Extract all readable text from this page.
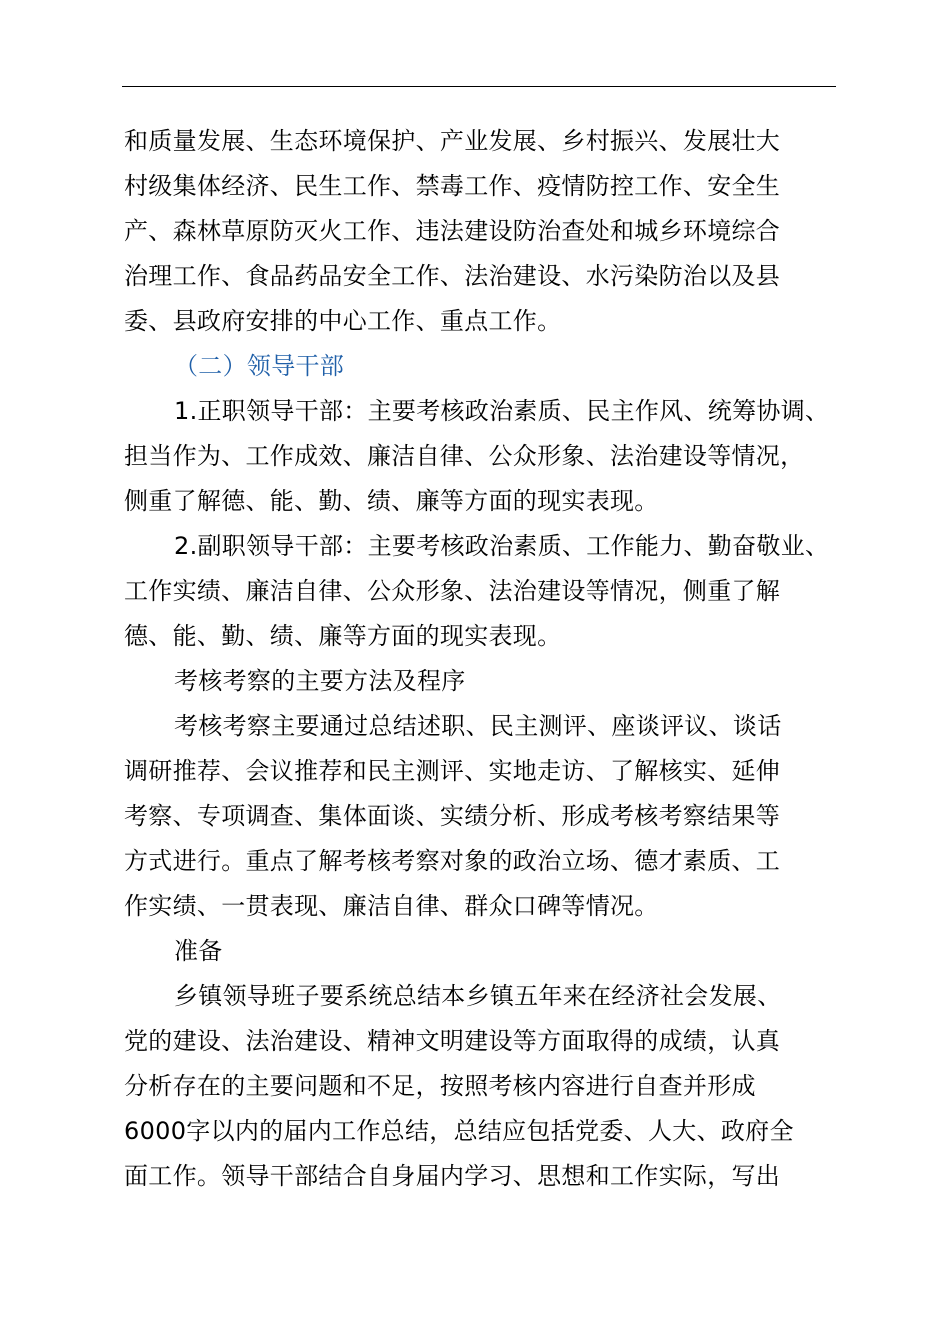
和质量发展、生态环境保护、产业发展、乡村振兴、发展壮大
村级集体经济、民生工作、禁毒工作、疫情防控工作、安全生
产、森林草原防灭火工作、违法建设防治查处和城乡环境综合
治理工作、食品药品安全工作、法治建设、水污染防治以及县
委、县政府安排的中心工作、重点工作。
（二）领导干部
1.正职领导干部：主要考核政治素质、民主作风、统筹协调、
担当作为、工作成效、廉洁自律、公众形象、法治建设等情况，
侧重了解德、能、勤、绩、廉等方面的现实表现。
2.副职领导干部：主要考核政治素质、工作能力、勤奋敬业、
工作实绩、廉洁自律、公众形象、法治建设等情况，侧重了解
德、能、勤、绩、廉等方面的现实表现。
考核考察的主要方法及程序
考核考察主要通过总结述职、民主测评、座谈评议、谈话
调研推荐、会议推荐和民主测评、实地走访、了解核实、延伸
考察、专项调查、集体面谈、实绩分析、形成考核考察结果等
方式进行。重点了解考核考察对象的政治立场、德才素质、工
作实绩、一贯表现、廉洁自律、群众口碑等情况。
准备
乡镇领导班子要系统总结本乡镇五年来在经济社会发展、
党的建设、法治建设、精神文明建设等方面取得的成绩，认真
分析存在的主要问题和不足，按照考核内容进行自查并形成
6000字以内的届内工作总结，总结应包括党委、人大、政府全
面工作。领导干部结合自身届内学习、思想和工作实际，写出
